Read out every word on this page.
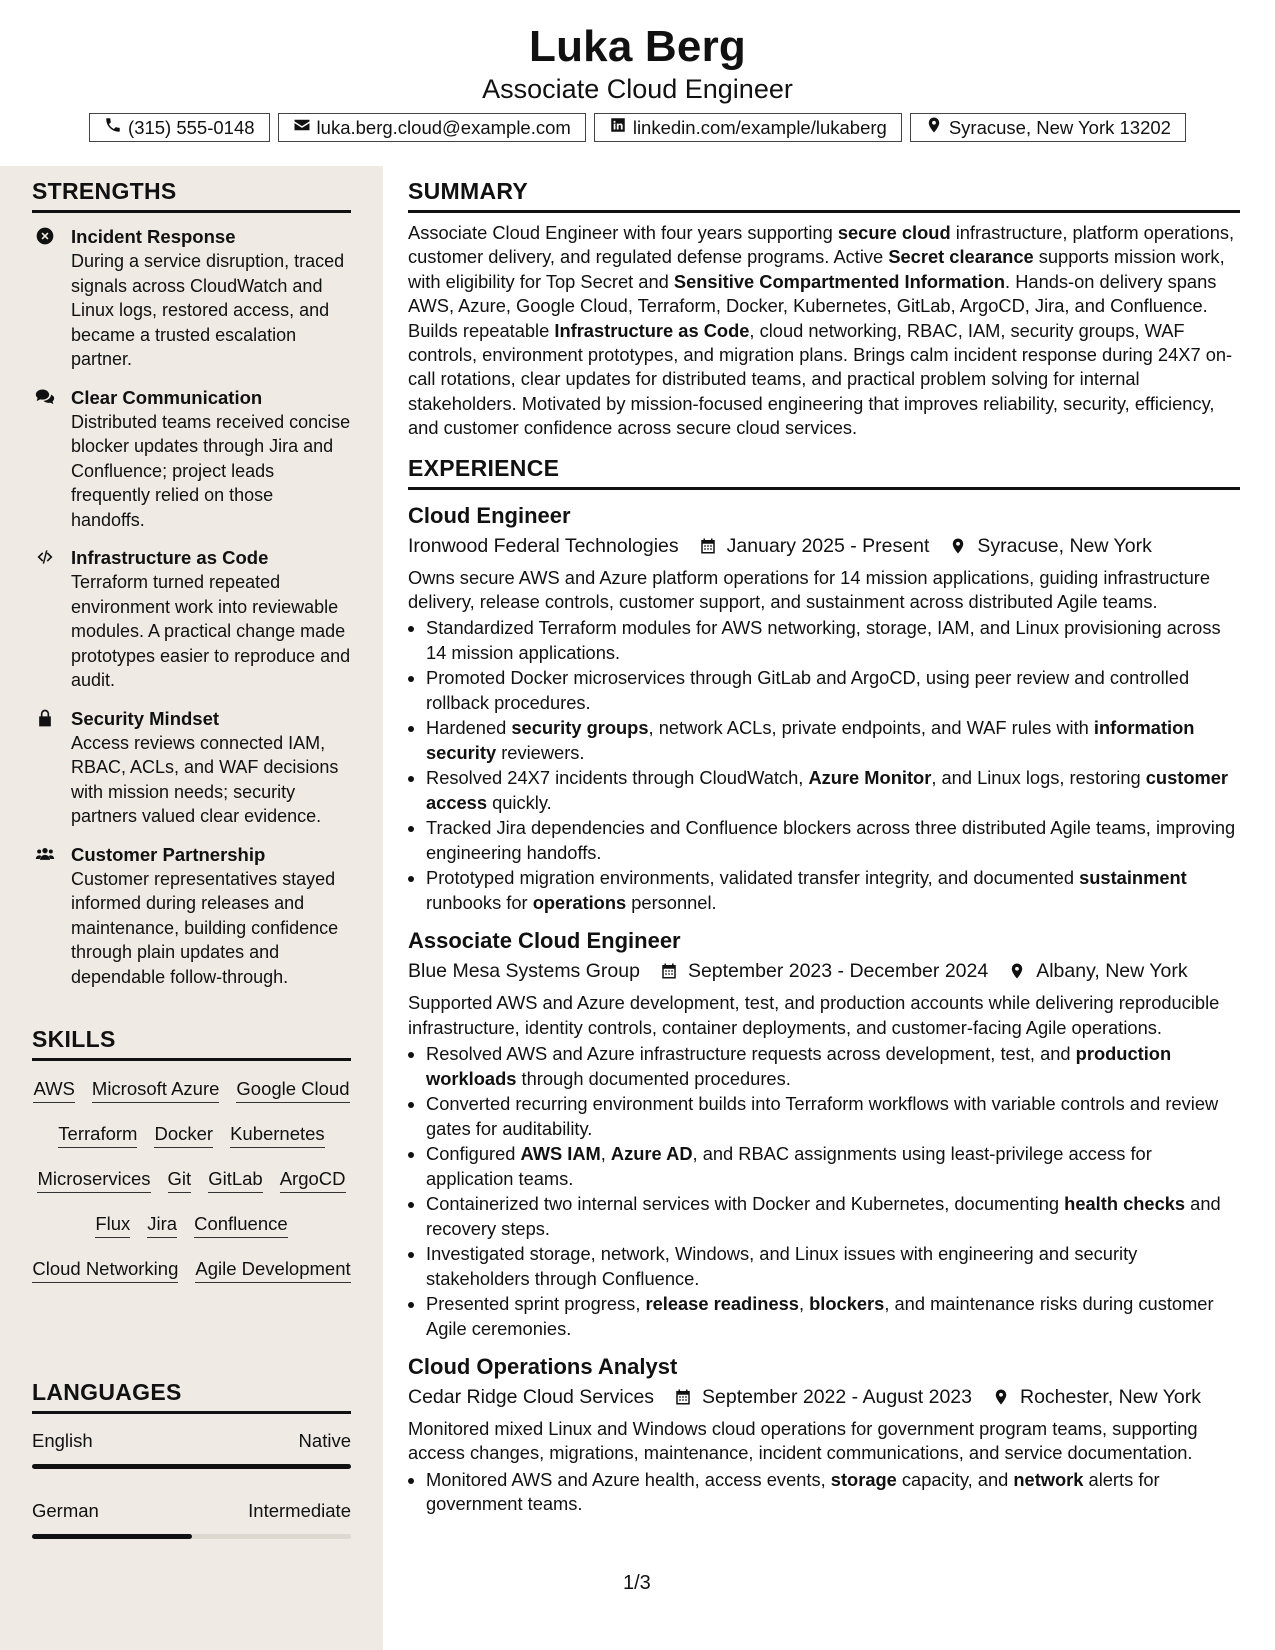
Luka Berg
Associate Cloud Engineer
(315) 555-0148	luka.berg.cloud@example.com	linkedin.com/example/lukaberg	Syracuse, New York 13202
STRENGTHS
Incident Response
During a service disruption, traced signals across CloudWatch and Linux logs, restored access, and became a trusted escalation partner.
Clear Communication
Distributed teams received concise blocker updates through Jira and Confluence; project leads frequently relied on those handoffs.
Infrastructure as Code
Terraform turned repeated environment work into reviewable modules. A practical change made prototypes easier to reproduce and audit.
Security Mindset
Access reviews connected IAM, RBAC, ACLs, and WAF decisions with mission needs; security partners valued clear evidence.
Customer Partnership
Customer representatives stayed informed during releases and maintenance, building confidence through plain updates and dependable follow-through.
SKILLS
AWS Microsoft Azure Google Cloud
Terraform Docker Kubernetes
Microservices Git GitLab ArgoCD
Flux Jira Confluence
Cloud Networking Agile Development
LANGUAGES
English	Native
German	Intermediate
SUMMARY
Associate Cloud Engineer with four years supporting secure cloud infrastructure, platform operations, customer delivery, and regulated defense programs. Active Secret clearance supports mission work, with eligibility for Top Secret and Sensitive Compartmented Information. Hands-on delivery spans AWS, Azure, Google Cloud, Terraform, Docker, Kubernetes, GitLab, ArgoCD, Jira, and Confluence. Builds repeatable Infrastructure as Code, cloud networking, RBAC, IAM, security groups, WAF controls, environment prototypes, and migration plans. Brings calm incident response during 24X7 on-call rotations, clear updates for distributed teams, and practical problem solving for internal stakeholders. Motivated by mission-focused engineering that improves reliability, security, efficiency, and customer confidence across secure cloud services.
EXPERIENCE
Cloud Engineer
Ironwood Federal Technologies January 2025 - Present Syracuse, New York
Owns secure AWS and Azure platform operations for 14 mission applications, guiding infrastructure delivery, release controls, customer support, and sustainment across distributed Agile teams.
• Standardized Terraform modules for AWS networking, storage, IAM, and Linux provisioning across 14 mission applications.
• Promoted Docker microservices through GitLab and ArgoCD, using peer review and controlled rollback procedures.
• Hardened security groups, network ACLs, private endpoints, and WAF rules with information security reviewers.
• Resolved 24X7 incidents through CloudWatch, Azure Monitor, and Linux logs, restoring customer access quickly.
• Tracked Jira dependencies and Confluence blockers across three distributed Agile teams, improving engineering handoffs.
• Prototyped migration environments, validated transfer integrity, and documented sustainment runbooks for operations personnel.
Associate Cloud Engineer
Blue Mesa Systems Group September 2023 - December 2024 Albany, New York
Supported AWS and Azure development, test, and production accounts while delivering reproducible infrastructure, identity controls, container deployments, and customer-facing Agile operations.
• Resolved AWS and Azure infrastructure requests across development, test, and production workloads through documented procedures.
• Converted recurring environment builds into Terraform workflows with variable controls and review gates for auditability.
• Configured AWS IAM, Azure AD, and RBAC assignments using least-privilege access for application teams.
• Containerized two internal services with Docker and Kubernetes, documenting health checks and recovery steps.
• Investigated storage, network, Windows, and Linux issues with engineering and security stakeholders through Confluence.
• Presented sprint progress, release readiness, blockers, and maintenance risks during customer Agile ceremonies.
Cloud Operations Analyst
Cedar Ridge Cloud Services September 2022 - August 2023 Rochester, New York
Monitored mixed Linux and Windows cloud operations for government program teams, supporting access changes, migrations, maintenance, incident communications, and service documentation.
• Monitored AWS and Azure health, access events, storage capacity, and network alerts for government teams.
1/3
